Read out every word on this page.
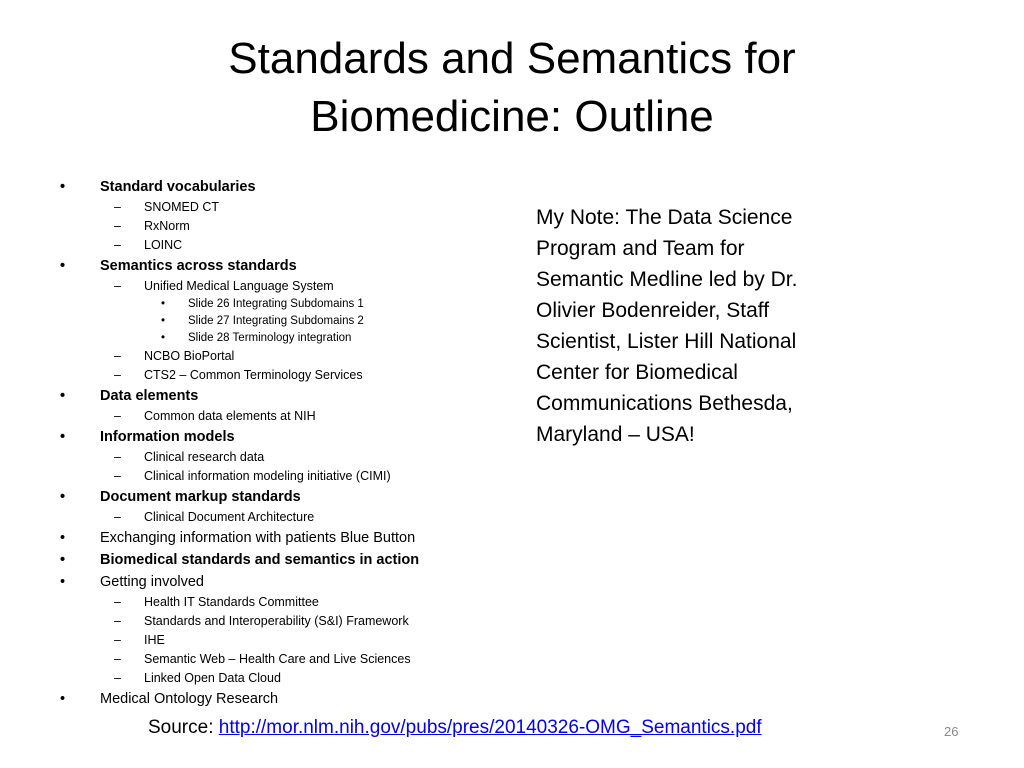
Standards and Semantics for
Biomedicine: Outline
• Standard vocabularies
– SNOMED CT
– RxNorm
– LOINC
• Semantics across standards
– Unified Medical Language System
• Slide 26 Integrating Subdomains 1
• Slide 27 Integrating Subdomains 2
• Slide 28 Terminology integration
– NCBO BioPortal
– CTS2 – Common Terminology Services
• Data elements
– Common data elements at NIH
• Information models
– Clinical research data
– Clinical information modeling initiative (CIMI)
• Document markup standards
– Clinical Document Architecture
• Exchanging information with patients Blue Button
• Biomedical standards and semantics in action
• Getting involved
– Health IT Standards Committee
– Standards and Interoperability (S&I) Framework
– IHE
– Semantic Web – Health Care and Live Sciences
– Linked Open Data Cloud
• Medical Ontology Research

My Note: The Data Science Program and Team for Semantic Medline led by Dr. Olivier Bodenreider, Staff Scientist, Lister Hill National Center for Biomedical Communications Bethesda, Maryland – USA!

Source: http://mor.nlm.nih.gov/pubs/pres/20140326-OMG_Semantics.pdf	26
